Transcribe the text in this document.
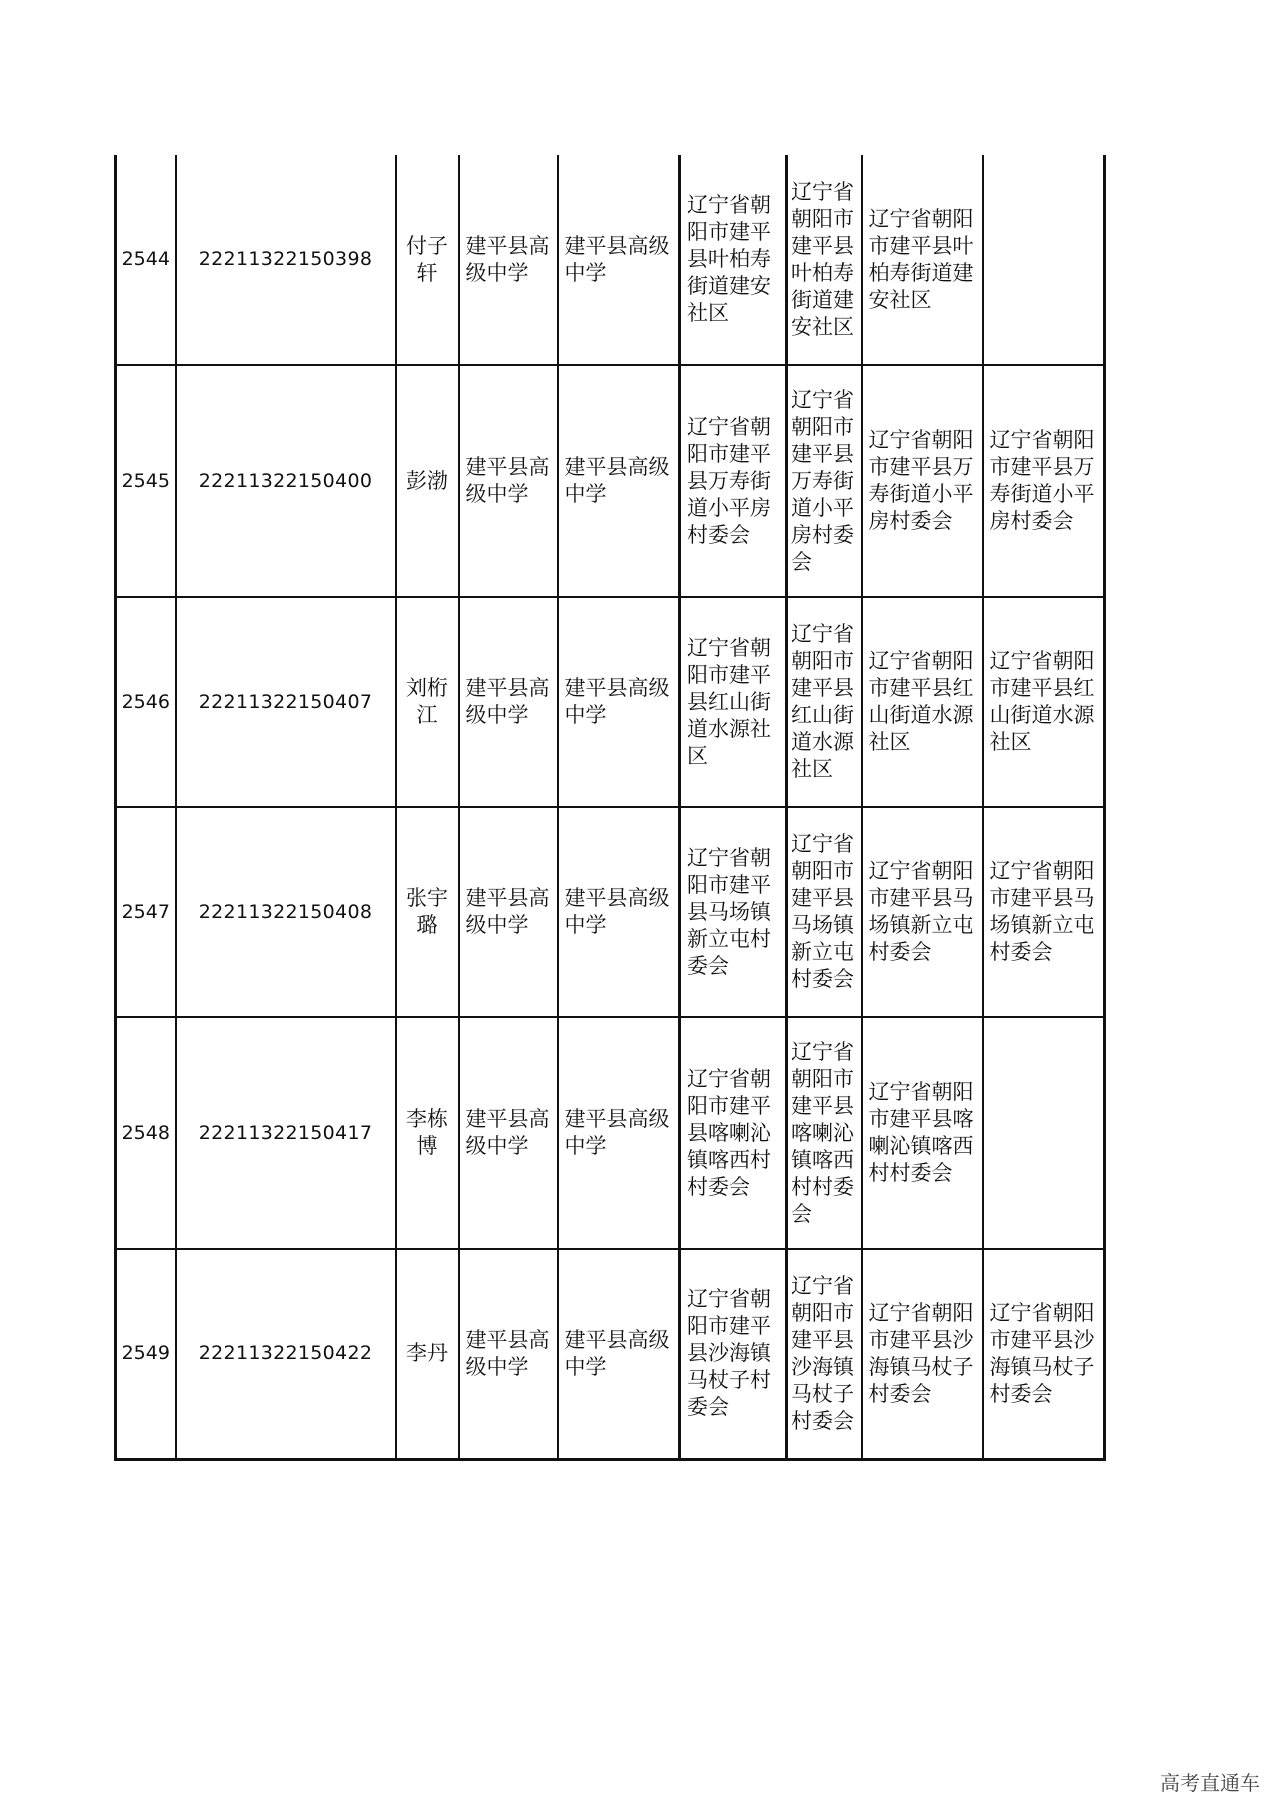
2544	22211322150398	付子轩	建平县高级中学	建平县高级中学	辽宁省朝阳市建平县叶柏寿街道建安社区	辽宁省朝阳市建平县叶柏寿街道建安社区	辽宁省朝阳市建平县叶柏寿街道建安社区	
2545	22211322150400	彭渤	建平县高级中学	建平县高级中学	辽宁省朝阳市建平县万寿街道小平房村委会	辽宁省朝阳市建平县万寿街道小平房村委会	辽宁省朝阳市建平县万寿街道小平房村委会	辽宁省朝阳市建平县万寿街道小平房村委会
2546	22211322150407	刘桁江	建平县高级中学	建平县高级中学	辽宁省朝阳市建平县红山街道水源社区	辽宁省朝阳市建平县红山街道水源社区	辽宁省朝阳市建平县红山街道水源社区	辽宁省朝阳市建平县红山街道水源社区
2547	22211322150408	张宇璐	建平县高级中学	建平县高级中学	辽宁省朝阳市建平县马场镇新立屯村委会	辽宁省朝阳市建平县马场镇新立屯村委会	辽宁省朝阳市建平县马场镇新立屯村委会	辽宁省朝阳市建平县马场镇新立屯村委会
2548	22211322150417	李栋博	建平县高级中学	建平县高级中学	辽宁省朝阳市建平县喀喇沁镇喀西村村委会	辽宁省朝阳市建平县喀喇沁镇喀西村村委会	辽宁省朝阳市建平县喀喇沁镇喀西村村委会	
2549	22211322150422	李丹	建平县高级中学	建平县高级中学	辽宁省朝阳市建平县沙海镇马杖子村委会	辽宁省朝阳市建平县沙海镇马杖子村委会	辽宁省朝阳市建平县沙海镇马杖子村委会	辽宁省朝阳市建平县沙海镇马杖子村委会
高考直通车
